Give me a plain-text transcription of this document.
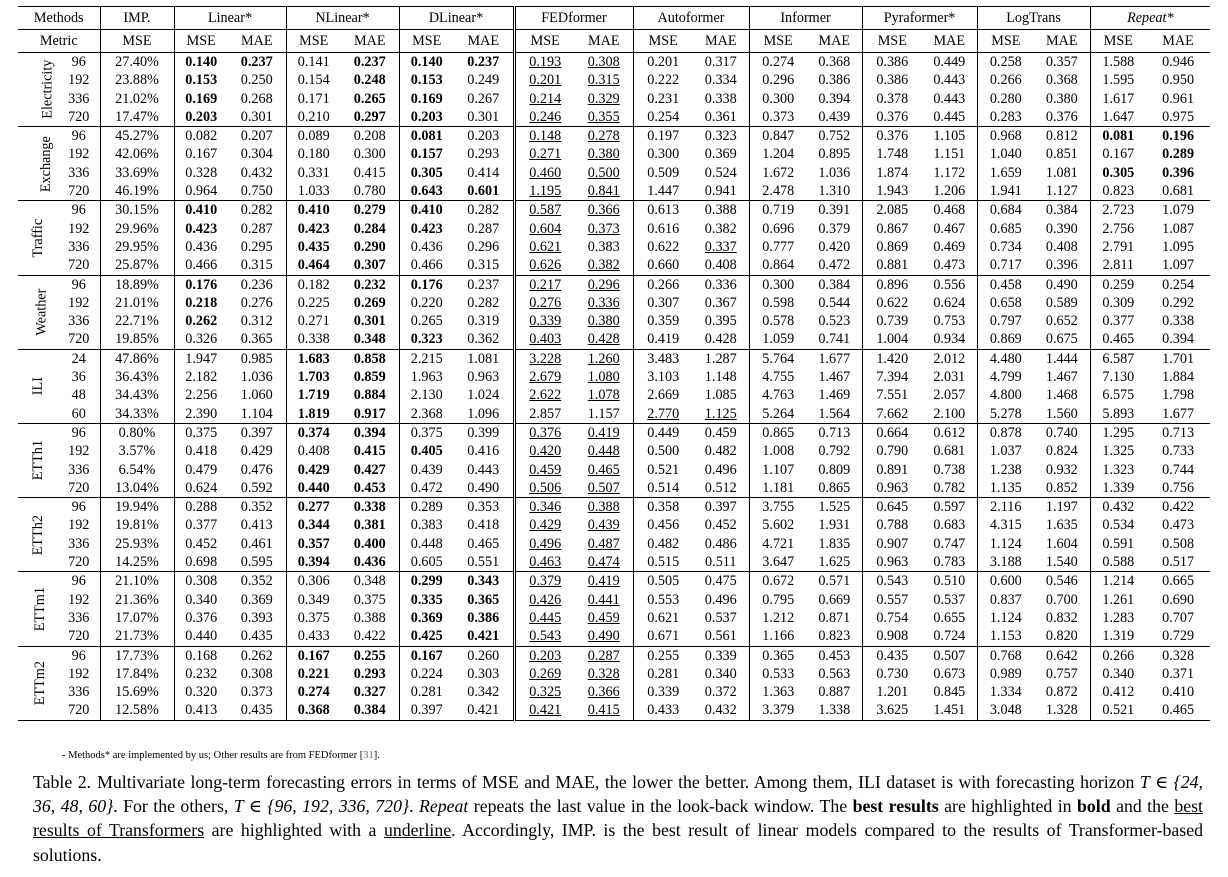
Methods		IMP.	Linear*		NLinear*		DLinear*		FEDformer		Autoformer		Informer		Pyraformer*		LogTrans		Repeat*	
Metric		MSE	MSE	MAE	MSE	MAE	MSE	MAE	MSE	MAE	MSE	MAE	MSE	MAE	MSE	MAE	MSE	MAE	MSE	MAE
Electricity	96	27.40%	0.140	0.237	0.141	0.237	0.140	0.237	0.193	0.308	0.201	0.317	0.274	0.368	0.386	0.449	0.258	0.357	1.588	0.946
	192	23.88%	0.153	0.250	0.154	0.248	0.153	0.249	0.201	0.315	0.222	0.334	0.296	0.386	0.386	0.443	0.266	0.368	1.595	0.950
	336	21.02%	0.169	0.268	0.171	0.265	0.169	0.267	0.214	0.329	0.231	0.338	0.300	0.394	0.378	0.443	0.280	0.380	1.617	0.961
	720	17.47%	0.203	0.301	0.210	0.297	0.203	0.301	0.246	0.355	0.254	0.361	0.373	0.439	0.376	0.445	0.283	0.376	1.647	0.975
Exchange	96	45.27%	0.082	0.207	0.089	0.208	0.081	0.203	0.148	0.278	0.197	0.323	0.847	0.752	0.376	1.105	0.968	0.812	0.081	0.196
	192	42.06%	0.167	0.304	0.180	0.300	0.157	0.293	0.271	0.380	0.300	0.369	1.204	0.895	1.748	1.151	1.040	0.851	0.167	0.289
	336	33.69%	0.328	0.432	0.331	0.415	0.305	0.414	0.460	0.500	0.509	0.524	1.672	1.036	1.874	1.172	1.659	1.081	0.305	0.396
	720	46.19%	0.964	0.750	1.033	0.780	0.643	0.601	1.195	0.841	1.447	0.941	2.478	1.310	1.943	1.206	1.941	1.127	0.823	0.681
Traffic	96	30.15%	0.410	0.282	0.410	0.279	0.410	0.282	0.587	0.366	0.613	0.388	0.719	0.391	2.085	0.468	0.684	0.384	2.723	1.079
	192	29.96%	0.423	0.287	0.423	0.284	0.423	0.287	0.604	0.373	0.616	0.382	0.696	0.379	0.867	0.467	0.685	0.390	2.756	1.087
	336	29.95%	0.436	0.295	0.435	0.290	0.436	0.296	0.621	0.383	0.622	0.337	0.777	0.420	0.869	0.469	0.734	0.408	2.791	1.095
	720	25.87%	0.466	0.315	0.464	0.307	0.466	0.315	0.626	0.382	0.660	0.408	0.864	0.472	0.881	0.473	0.717	0.396	2.811	1.097
Weather	96	18.89%	0.176	0.236	0.182	0.232	0.176	0.237	0.217	0.296	0.266	0.336	0.300	0.384	0.896	0.556	0.458	0.490	0.259	0.254
	192	21.01%	0.218	0.276	0.225	0.269	0.220	0.282	0.276	0.336	0.307	0.367	0.598	0.544	0.622	0.624	0.658	0.589	0.309	0.292
	336	22.71%	0.262	0.312	0.271	0.301	0.265	0.319	0.339	0.380	0.359	0.395	0.578	0.523	0.739	0.753	0.797	0.652	0.377	0.338
	720	19.85%	0.326	0.365	0.338	0.348	0.323	0.362	0.403	0.428	0.419	0.428	1.059	0.741	1.004	0.934	0.869	0.675	0.465	0.394
ILI	24	47.86%	1.947	0.985	1.683	0.858	2.215	1.081	3.228	1.260	3.483	1.287	5.764	1.677	1.420	2.012	4.480	1.444	6.587	1.701
	36	36.43%	2.182	1.036	1.703	0.859	1.963	0.963	2.679	1.080	3.103	1.148	4.755	1.467	7.394	2.031	4.799	1.467	7.130	1.884
	48	34.43%	2.256	1.060	1.719	0.884	2.130	1.024	2.622	1.078	2.669	1.085	4.763	1.469	7.551	2.057	4.800	1.468	6.575	1.798
	60	34.33%	2.390	1.104	1.819	0.917	2.368	1.096	2.857	1.157	2.770	1.125	5.264	1.564	7.662	2.100	5.278	1.560	5.893	1.677
ETTh1	96	0.80%	0.375	0.397	0.374	0.394	0.375	0.399	0.376	0.419	0.449	0.459	0.865	0.713	0.664	0.612	0.878	0.740	1.295	0.713
	192	3.57%	0.418	0.429	0.408	0.415	0.405	0.416	0.420	0.448	0.500	0.482	1.008	0.792	0.790	0.681	1.037	0.824	1.325	0.733
	336	6.54%	0.479	0.476	0.429	0.427	0.439	0.443	0.459	0.465	0.521	0.496	1.107	0.809	0.891	0.738	1.238	0.932	1.323	0.744
	720	13.04%	0.624	0.592	0.440	0.453	0.472	0.490	0.506	0.507	0.514	0.512	1.181	0.865	0.963	0.782	1.135	0.852	1.339	0.756
ETTh2	96	19.94%	0.288	0.352	0.277	0.338	0.289	0.353	0.346	0.388	0.358	0.397	3.755	1.525	0.645	0.597	2.116	1.197	0.432	0.422
	192	19.81%	0.377	0.413	0.344	0.381	0.383	0.418	0.429	0.439	0.456	0.452	5.602	1.931	0.788	0.683	4.315	1.635	0.534	0.473
	336	25.93%	0.452	0.461	0.357	0.400	0.448	0.465	0.496	0.487	0.482	0.486	4.721	1.835	0.907	0.747	1.124	1.604	0.591	0.508
	720	14.25%	0.698	0.595	0.394	0.436	0.605	0.551	0.463	0.474	0.515	0.511	3.647	1.625	0.963	0.783	3.188	1.540	0.588	0.517
ETTm1	96	21.10%	0.308	0.352	0.306	0.348	0.299	0.343	0.379	0.419	0.505	0.475	0.672	0.571	0.543	0.510	0.600	0.546	1.214	0.665
	192	21.36%	0.340	0.369	0.349	0.375	0.335	0.365	0.426	0.441	0.553	0.496	0.795	0.669	0.557	0.537	0.837	0.700	1.261	0.690
	336	17.07%	0.376	0.393	0.375	0.388	0.369	0.386	0.445	0.459	0.621	0.537	1.212	0.871	0.754	0.655	1.124	0.832	1.283	0.707
	720	21.73%	0.440	0.435	0.433	0.422	0.425	0.421	0.543	0.490	0.671	0.561	1.166	0.823	0.908	0.724	1.153	0.820	1.319	0.729
ETTm2	96	17.73%	0.168	0.262	0.167	0.255	0.167	0.260	0.203	0.287	0.255	0.339	0.365	0.453	0.435	0.507	0.768	0.642	0.266	0.328
	192	17.84%	0.232	0.308	0.221	0.293	0.224	0.303	0.269	0.328	0.281	0.340	0.533	0.563	0.730	0.673	0.989	0.757	0.340	0.371
	336	15.69%	0.320	0.373	0.274	0.327	0.281	0.342	0.325	0.366	0.339	0.372	1.363	0.887	1.201	0.845	1.334	0.872	0.412	0.410
	720	12.58%	0.413	0.435	0.368	0.384	0.397	0.421	0.421	0.415	0.433	0.432	3.379	1.338	3.625	1.451	3.048	1.328	0.521	0.465
- Methods* are implemented by us; Other results are from FEDformer [31].
Table 2. Multivariate long-term forecasting errors in terms of MSE and MAE, the lower the better. Among them, ILI dataset is with forecasting horizon T ∈ {24, 36, 48, 60}. For the others, T ∈ {96, 192, 336, 720}. Repeat repeats the last value in the look-back window. The best results are highlighted in bold and the best results of Transformers are highlighted with a underline. Accordingly, IMP. is the best result of linear models compared to the results of Transformer-based solutions.
